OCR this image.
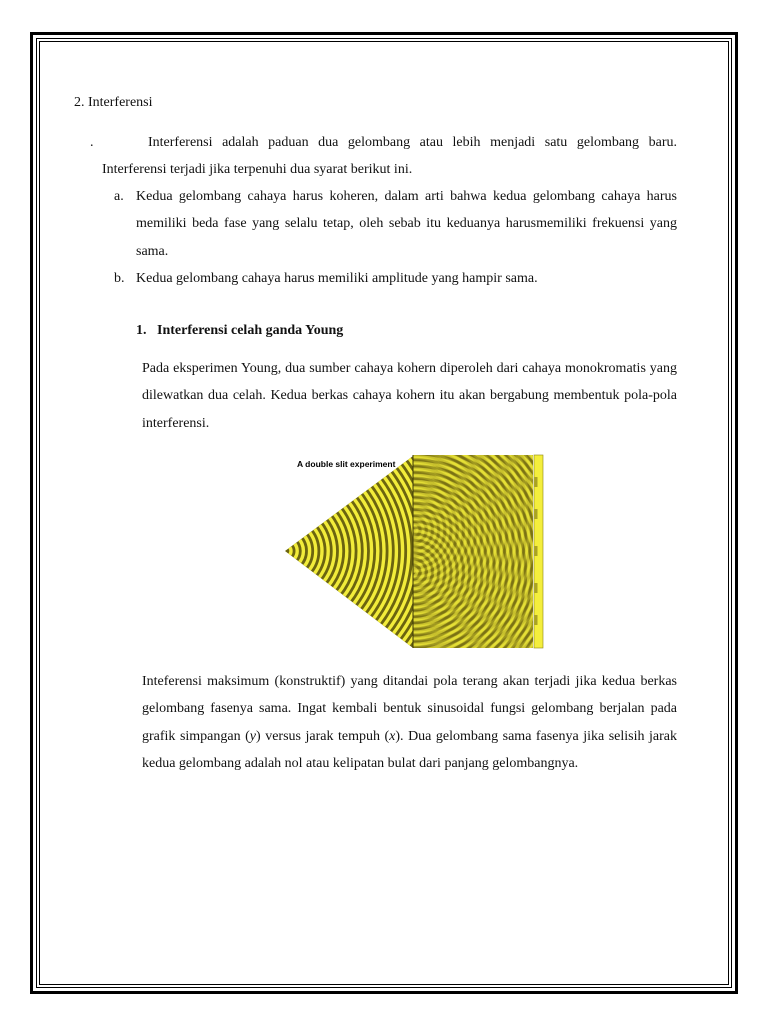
2. Interferensi
.	Interferensi adalah paduan dua gelombang atau lebih menjadi satu gelombang baru.
Interferensi terjadi jika terpenuhi dua syarat berikut ini.
a. Kedua gelombang cahaya harus koheren, dalam arti bahwa kedua gelombang cahaya harus memiliki beda fase yang selalu tetap, oleh sebab itu keduanya harusmemiliki frekuensi yang sama.
b. Kedua gelombang cahaya harus memiliki amplitude yang hampir sama.
1.   Interferensi celah ganda Young
Pada eksperimen Young, dua sumber cahaya kohern diperoleh dari cahaya monokromatis yang dilewatkan dua celah. Kedua berkas cahaya kohern itu akan bergabung membentuk pola-pola interferensi.
A double slit experiment
Inteferensi maksimum (konstruktif) yang ditandai pola terang akan terjadi jika kedua berkas gelombang fasenya sama. Ingat kembali bentuk sinusoidal fungsi gelombang berjalan pada grafik simpangan (y) versus jarak tempuh (x). Dua gelombang sama fasenya jika selisih jarak kedua gelombang adalah nol atau kelipatan bulat dari panjang gelombangnya.
